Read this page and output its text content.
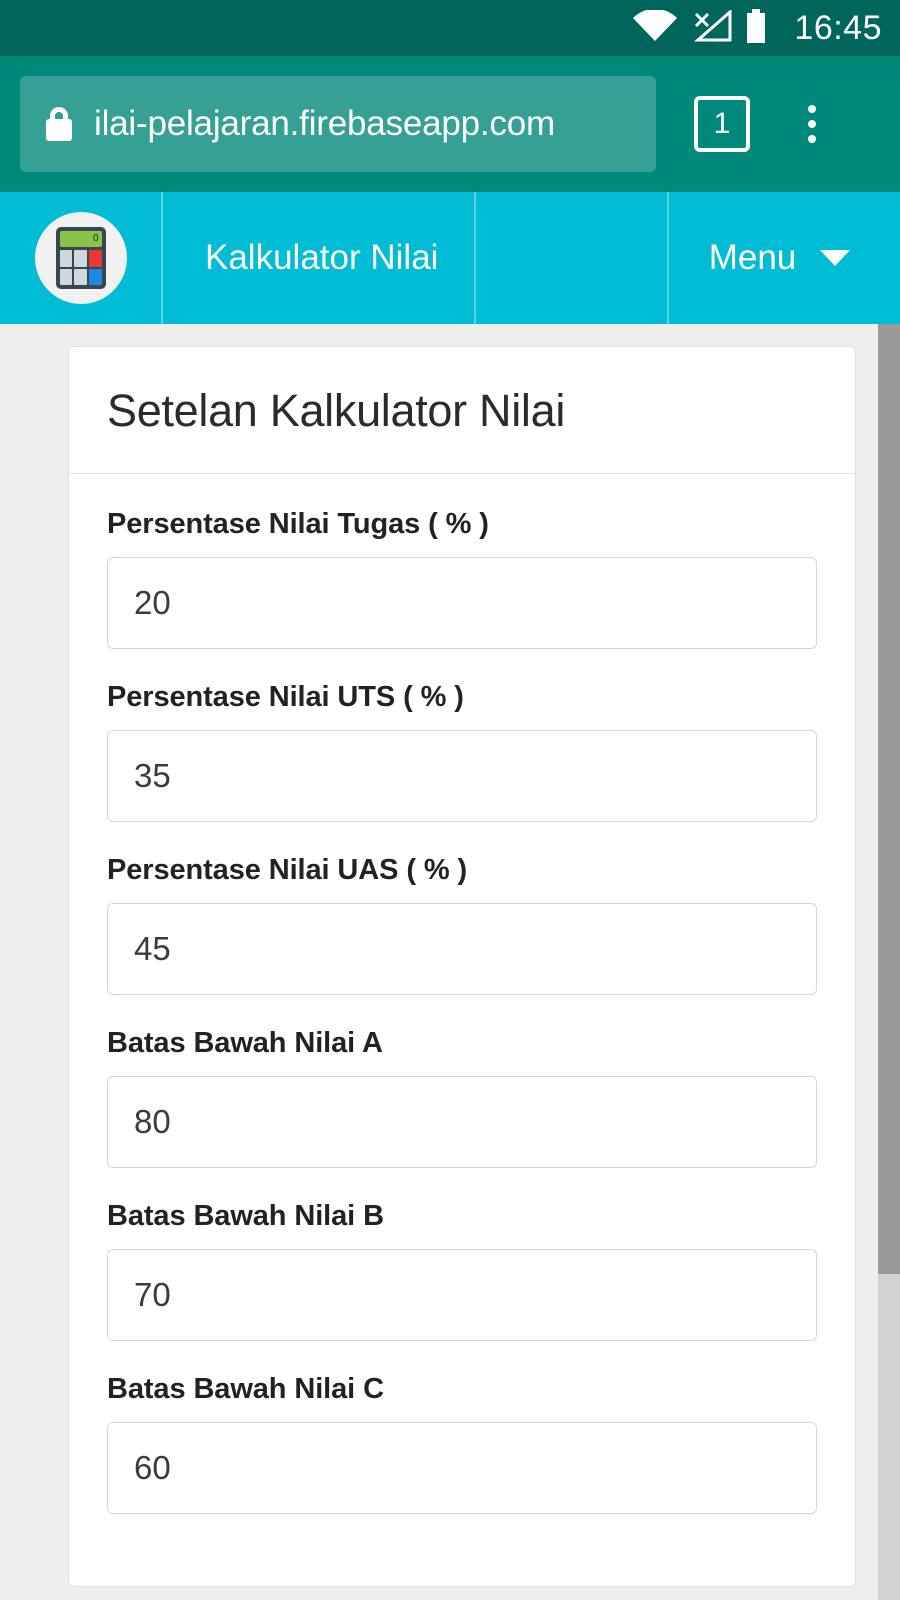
16:45
ilai-pelajaran.firebaseapp.com	1
0	Kalkulator Nilai	Menu
Setelan Kalkulator Nilai
Persentase Nilai Tugas ( % )
20
Persentase Nilai UTS ( % )
35
Persentase Nilai UAS ( % )
45
Batas Bawah Nilai A
80
Batas Bawah Nilai B
70
Batas Bawah Nilai C
60
